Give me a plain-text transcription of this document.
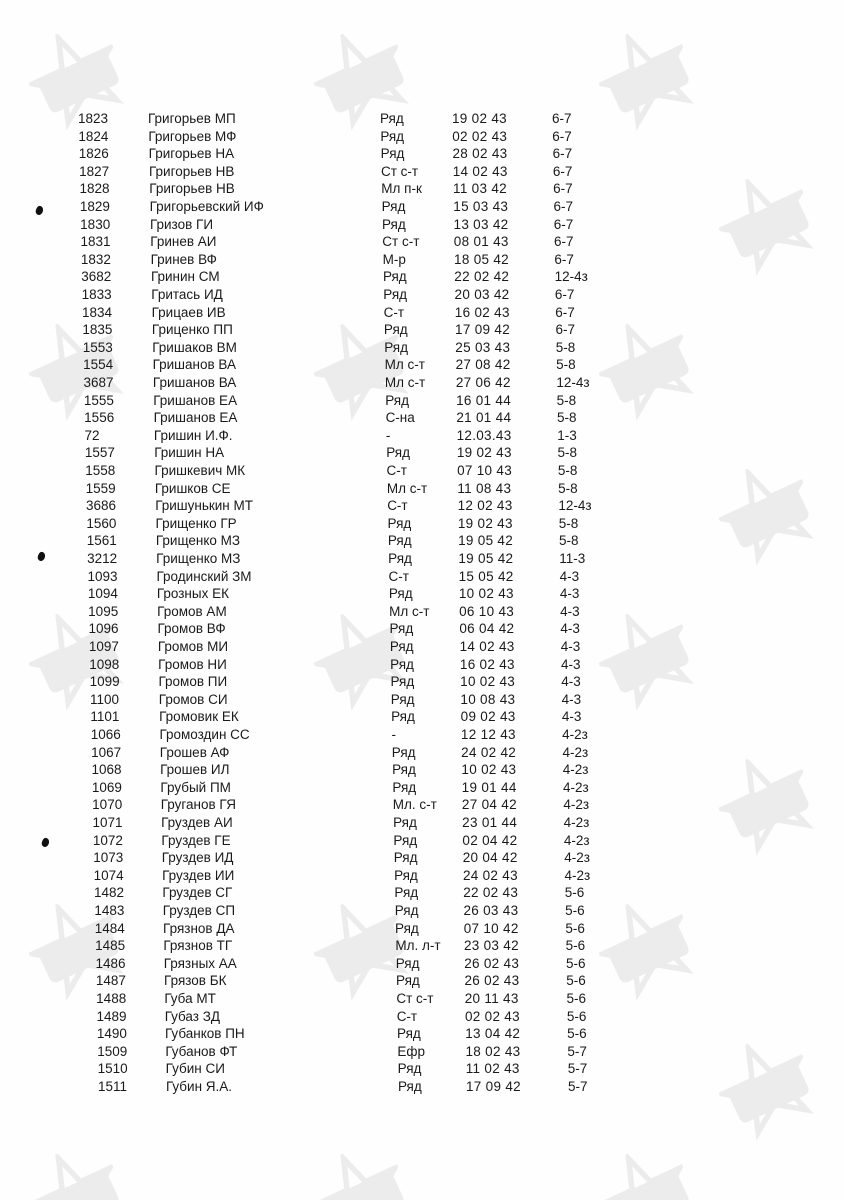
1823	Григорьев МП	Ряд	19 02 43	6-7
1824	Григорьев МФ	Ряд	02 02 43	6-7
1826	Григорьев НА	Ряд	28 02 43	6-7
1827	Григорьев НВ	Ст с-т	14 02 43	6-7
1828	Григорьев НВ	Мл п-к 11 03 42	6-7
1829	Григорьевский ИФ	Ряд	15 03 43	6-7
1830	Гризов ГИ	Ряд	13 03 42	6-7
1831	Гринев АИ	Ст с-т	08 01 43	6-7
1832	Гринев ВФ	М-р	18 05 42	6-7
3682	Гринин СМ	Ряд	22 02 42	12-4з
1833	Гритась ИД	Ряд	20 03 42	6-7
1834	Грицаев ИВ	С-т	16 02 43	6-7
1835	Гриценко ПП	Ряд	17 09 42	6-7
1553	Гришаков ВМ	Ряд	25 03 43	5-8
1554	Гришанов ВА	Мл с-т 27 08 42	5-8
3687	Гришанов ВА	Мл с-т 27 06 42	12-4з
1555	Гришанов ЕА	Ряд	16 01 44	5-8
1556	Гришанов ЕА	С-на	21 01 44	5-8
72	Гришин И.Ф.	-	12.03.43	1-3
1557	Гришин НА	Ряд	19 02 43	5-8
1558	Гришкевич МК	С-т	07 10 43	5-8
1559	Гришков СЕ	Мл с-т 11 08 43	5-8
3686	Гришунькин МТ	С-т	12 02 43	12-4з
1560	Грищенко ГР	Ряд	19 02 43	5-8
1561	Грищенко МЗ	Ряд	19 05 42	5-8
3212	Грищенко МЗ	Ряд	19 05 42	11-3
1093	Гродинский ЗМ	С-т	15 05 42	4-3
1094	Грозных ЕК	Ряд	10 02 43	4-3
1095	Громов АМ	Мл с-т 06 10 43	4-3
1096	Громов ВФ	Ряд	06 04 42	4-3
1097	Громов МИ	Ряд	14 02 43	4-3
1098	Громов НИ	Ряд	16 02 43	4-3
1099	Громов ПИ	Ряд	10 02 43	4-3
1100	Громов СИ	Ряд	10 08 43	4-3
1101	Громовик ЕК	Ряд	09 02 43	4-3
1066	Громоздин СС	-	12 12 43	4-2з
1067	Грошев АФ	Ряд	24 02 42	4-2з
1068	Грошев ИЛ	Ряд	10 02 43	4-2з
1069	Грубый ПМ	Ряд	19 01 44	4-2з
1070	Груганов ГЯ	Мл. с-т 27 04 42	4-2з
1071	Груздев АИ	Ряд	23 01 44	4-2з
1072	Груздев ГЕ	Ряд	02 04 42	4-2з
1073	Груздев ИД	Ряд	20 04 42	4-2з
1074	Груздев ИИ	Ряд	24 02 43	4-2з
1482	Груздев СГ	Ряд	22 02 43	5-6
1483	Груздев СП	Ряд	26 03 43	5-6
1484	Грязнов ДА	Ряд	07 10 42	5-6
1485	Грязнов ТГ	Мл. л-т 23 03 42	5-6
1486	Грязных АА	Ряд	26 02 43	5-6
1487	Грязов БК	Ряд	26 02 43	5-6
1488	Губа МТ	Ст с-т 20 11 43	5-6
1489	Губаз ЗД	С-т	02 02 43	5-6
1490	Губанков ПН	Ряд	13 04 42	5-6
1509	Губанов ФТ	Ефр	18 02 43	5-7
1510	Губин СИ	Ряд	11 02 43	5-7
1511	Губин Я.А.	Ряд	17 09 42	5-7
